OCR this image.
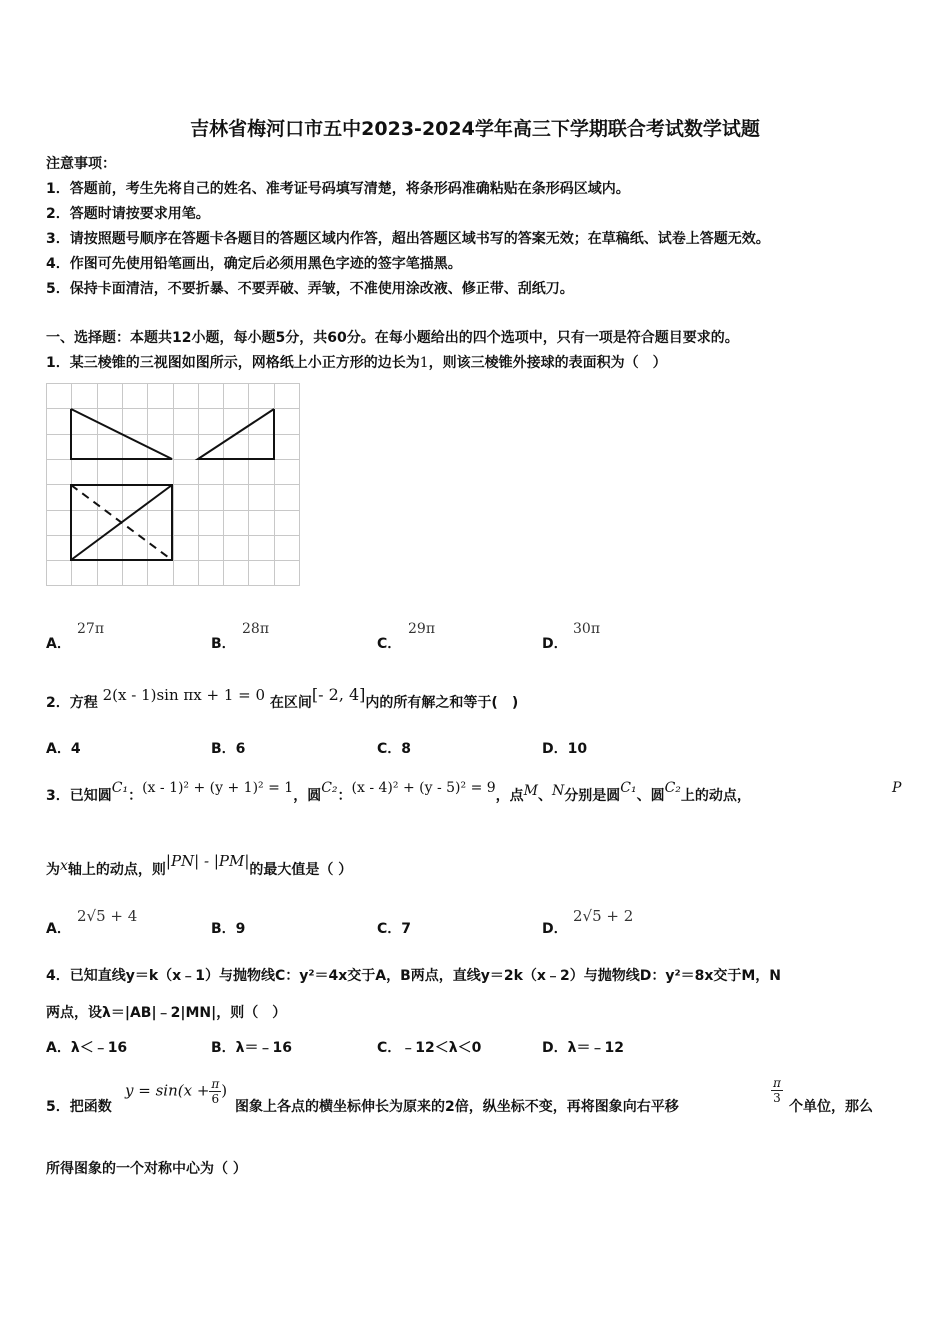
吉林省梅河口市五中2023-2024学年高三下学期联合考试数学试题
注意事项：
1．答题前，考生先将自己的姓名、准考证号码填写清楚，将条形码准确粘贴在条形码区域内。
2．答题时请按要求用笔。
3．请按照题号顺序在答题卡各题目的答题区域内作答，超出答题区域书写的答案无效；在草稿纸、试卷上答题无效。
4．作图可先使用铅笔画出，确定后必须用黑色字迹的签字笔描黑。
5．保持卡面清洁，不要折暴、不要弄破、弄皱，不准使用涂改液、修正带、刮纸刀。
一、选择题：本题共12小题，每小题5分，共60分。在每小题给出的四个选项中，只有一项是符合题目要求的。
1．某三棱锥的三视图如图所示，网格纸上小正方形的边长为1，则该三棱锥外接球的表面积为（　）
A．
27π
B．
28π
C．
29π
D．
30π
2．方程 2(x - 1)sin πx + 1 = 0 在区间[- 2, 4]内的所有解之和等于(　)
A．4	B．6	C．8	D．10
3．已知圆C₁：(x - 1)² + (y + 1)² = 1，圆C₂：(x - 4)² + (y - 5)² = 9，点M、N分别是圆C₁、圆C₂上的动点，	P
为x轴上的动点，则|PN| - |PM|的最大值是（ ）
A．
2√5 + 4
B．9	C．7	D．
2√5 + 2
4．已知直线y＝k（x﹣1）与抛物线C：y²＝4x交于A，B两点，直线y＝2k（x﹣2）与抛物线D：y²＝8x交于M，N
两点，设λ＝|AB|﹣2|MN|，则（　）
A．λ＜﹣16	B．λ＝﹣16	C．﹣12＜λ＜0	D．λ＝﹣12
5．把函数
$y = \sin(x + \frac{\pi}{6}$ )
图象上各点的横坐标伸长为原来的2倍，纵坐标不变，再将图象向右平移
$\frac{\pi}{3}$
个单位，那么
所得图象的一个对称中心为（ ）
